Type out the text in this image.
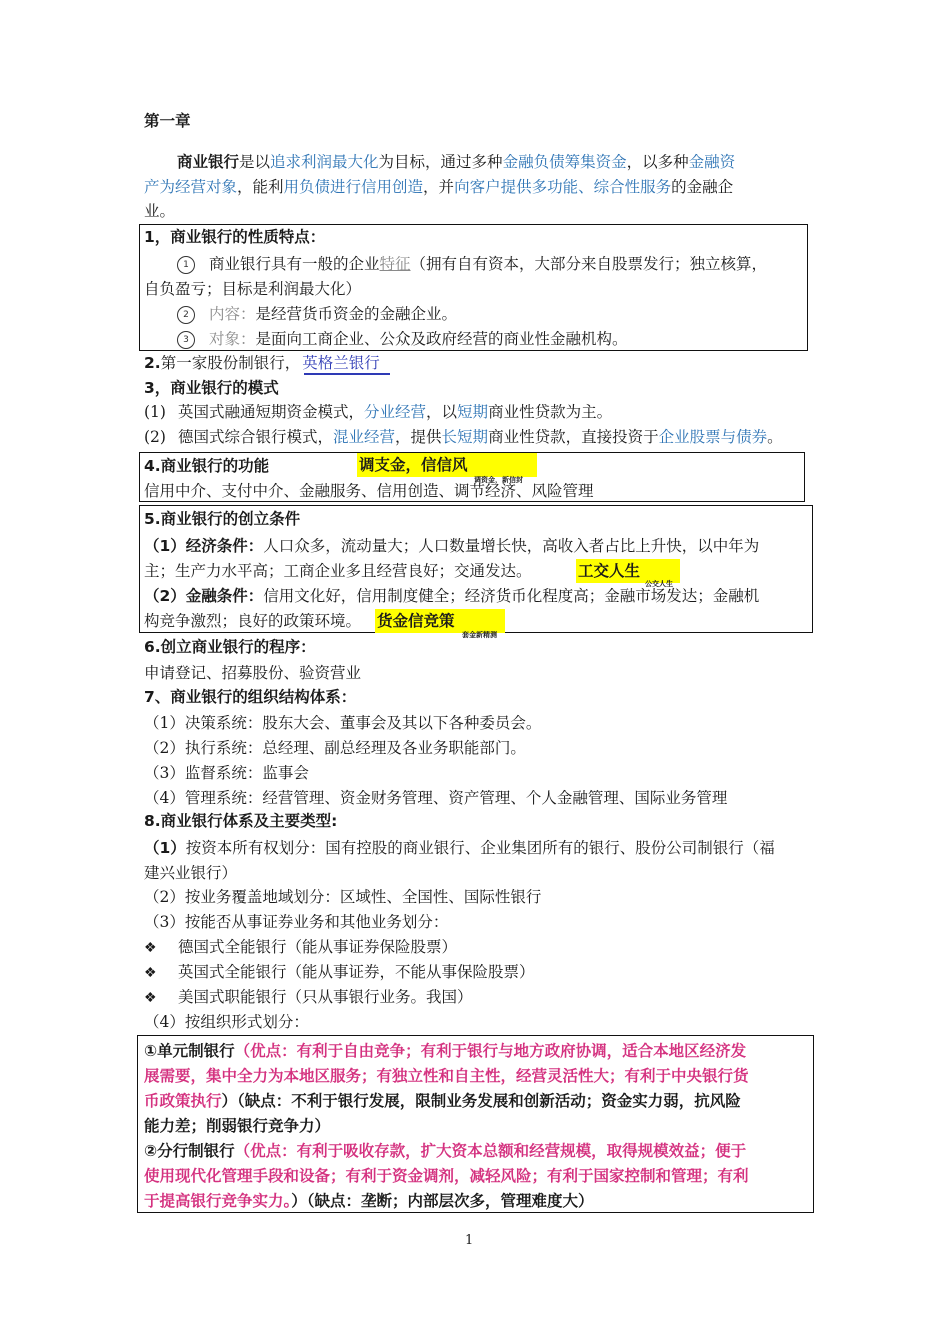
第一章
商业银行是以追求利润最大化为目标，通过多种金融负债筹集资金，以多种金融资
产为经营对象，能利用负债进行信用创造，并向客户提供多功能、综合性服务的金融企
业。
1，商业银行的性质特点：
1 商业银行具有一般的企业特征（拥有自有资本，大部分来自股票发行；独立核算，
自负盈亏；目标是利润最大化）
2 内容：是经营货币资金的金融企业。
3 对象：是面向工商企业、公众及政府经营的商业性金融机构。
2.第一家股份制银行， 英格兰银行
3，商业银行的模式
(1) 英国式融通短期资金模式，分业经营，以短期商业性贷款为主。
(2) 德国式综合银行模式，混业经营，提供长短期商业性贷款，直接投资于企业股票与债券。
4.商业银行的功能	调支金，信信风
调资金，新信封
信用中介、支付中介、金融服务、信用创造、调节经济、风险管理
5.商业银行的创立条件
（1）经济条件：人口众多，流动量大；人口数量增长快，高收入者占比上升快，以中年为
主；生产力水平高；工商企业多且经营良好；交通发达。	工交人生
公交人生
（2）金融条件：信用文化好，信用制度健全；经济货币化程度高；金融市场发达；金融机
构竞争激烈；良好的政策环境。 货金信竞策
套金新精测
6.创立商业银行的程序：
申请登记、招募股份、验资营业
7、商业银行的组织结构体系：
（1）决策系统：股东大会、董事会及其以下各种委员会。
（2）执行系统：总经理、副总经理及各业务职能部门。
（3）监督系统：监事会
（4）管理系统：经营管理、资金财务管理、资产管理、个人金融管理、国际业务管理
8.商业银行体系及主要类型:
（1）按资本所有权划分：国有控股的商业银行、企业集团所有的银行、股份公司制银行（福
建兴业银行）
（2）按业务覆盖地域划分：区域性、全国性、国际性银行
（3）按能否从事证券业务和其他业务划分：
❖ 德国式全能银行（能从事证券保险股票）
❖ 英国式全能银行（能从事证券，不能从事保险股票）
❖ 美国式职能银行（只从事银行业务。我国）
（4）按组织形式划分：
①单元制银行（优点：有利于自由竞争；有利于银行与地方政府协调，适合本地区经济发
展需要，集中全力为本地区服务；有独立性和自主性，经营灵活性大；有利于中央银行货
币政策执行）（缺点：不利于银行发展，限制业务发展和创新活动；资金实力弱，抗风险
能力差；削弱银行竞争力）
②分行制银行（优点：有利于吸收存款，扩大资本总额和经营规模，取得规模效益；便于
使用现代化管理手段和设备；有利于资金调剂，减轻风险；有利于国家控制和管理；有利
于提高银行竞争实力。）（缺点：垄断；内部层次多，管理难度大）
1
